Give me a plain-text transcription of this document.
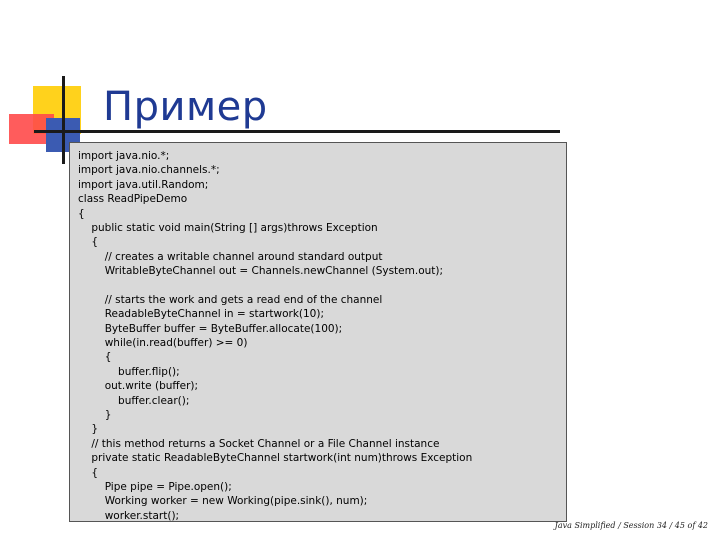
Пример
import java.nio.*;
import java.nio.channels.*;
import java.util.Random;
class ReadPipeDemo
{
public static void main(String [] args)throws Exception
{
// creates a writable channel around standard output
WritableByteChannel out = Channels.newChannel (System.out);
// starts the work and gets a read end of the channel
ReadableByteChannel in = startwork(10);
ByteBuffer buffer = ByteBuffer.allocate(100);
while(in.read(buffer) >= 0)
{
buffer.flip();
out.write (buffer);
buffer.clear();
}
}
// this method returns a Socket Channel or a File Channel instance
private static ReadableByteChannel startwork(int num)throws Exception
{
Pipe pipe = Pipe.open();
Working worker = new Working(pipe.sink(), num);
worker.start();
Java Simplified / Session 34 / 45 of 42
